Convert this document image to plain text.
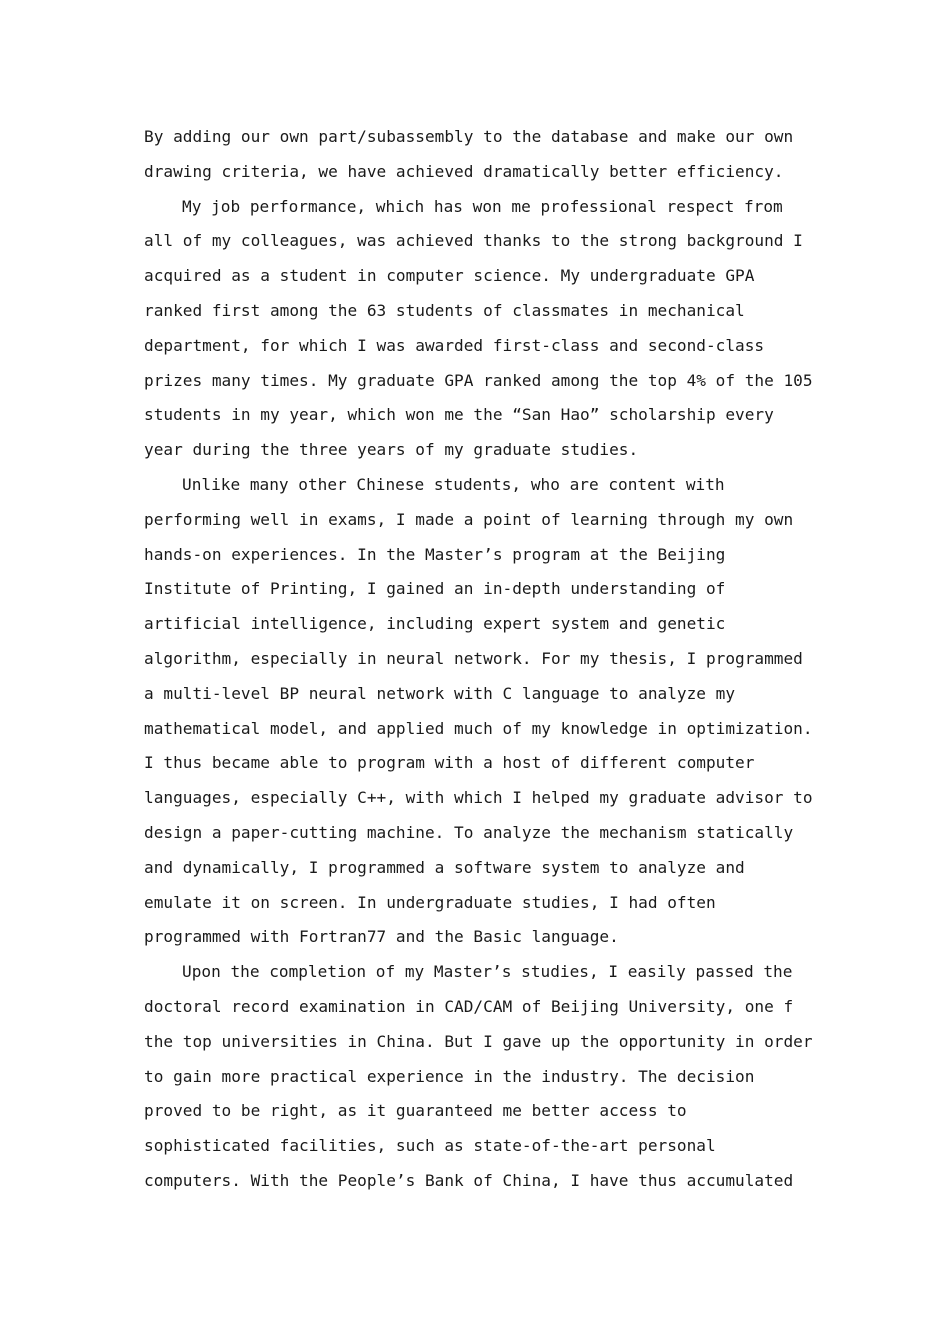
By adding our own part/subassembly to the database and make our own
drawing criteria, we have achieved dramatically better efficiency.
My job performance, which has won me professional respect from
all of my colleagues, was achieved thanks to the strong background I
acquired as a student in computer science. My undergraduate GPA
ranked first among the 63 students of classmates in mechanical
department, for which I was awarded first-class and second-class
prizes many times. My graduate GPA ranked among the top 4% of the 105
students in my year, which won me the “San Hao” scholarship every
year during the three years of my graduate studies.
Unlike many other Chinese students, who are content with
performing well in exams, I made a point of learning through my own
hands-on experiences. In the Master’s program at the Beijing
Institute of Printing, I gained an in-depth understanding of
artificial intelligence, including expert system and genetic
algorithm, especially in neural network. For my thesis, I programmed
a multi-level BP neural network with C language to analyze my
mathematical model, and applied much of my knowledge in optimization.
I thus became able to program with a host of different computer
languages, especially C++, with which I helped my graduate advisor to
design a paper-cutting machine. To analyze the mechanism statically
and dynamically, I programmed a software system to analyze and
emulate it on screen. In undergraduate studies, I had often
programmed with Fortran77 and the Basic language.
Upon the completion of my Master’s studies, I easily passed the
doctoral record examination in CAD/CAM of Beijing University, one f
the top universities in China. But I gave up the opportunity in order
to gain more practical experience in the industry. The decision
proved to be right, as it guaranteed me better access to
sophisticated facilities, such as state-of-the-art personal
computers. With the People’s Bank of China, I have thus accumulated
